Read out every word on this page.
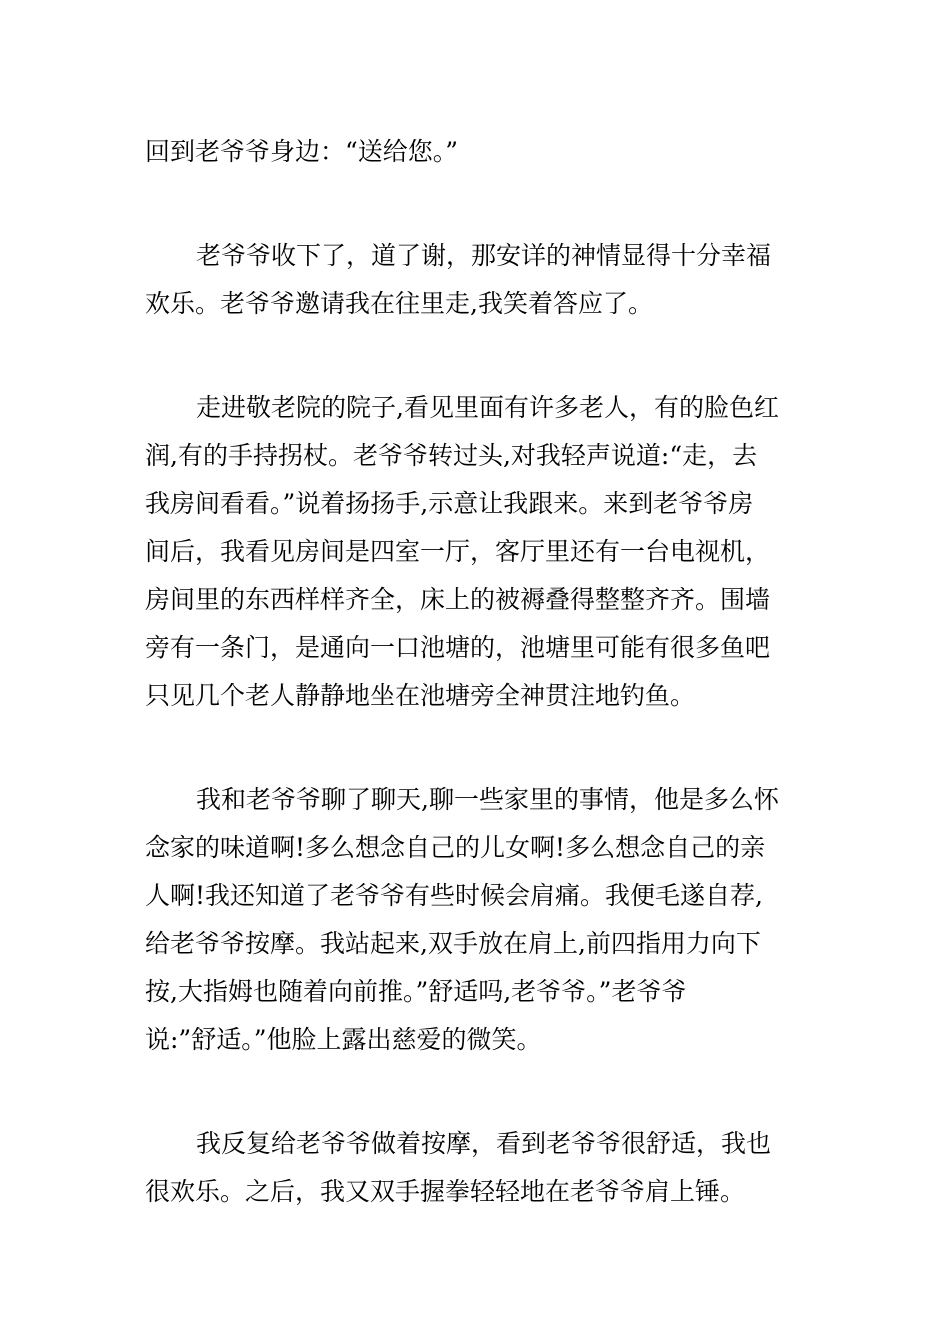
回到老爷爷身边：“送给您。”

老爷爷收下了，道了谢，那安详的神情显得十分幸福
欢乐。老爷爷邀请我在往里走,我笑着答应了。

走进敬老院的院子,看见里面有许多老人，有的脸色红
润,有的手持拐杖。老爷爷转过头,对我轻声说道:“走，去
我房间看看。”说着扬扬手,示意让我跟来。来到老爷爷房
间后，我看见房间是四室一厅，客厅里还有一台电视机，
房间里的东西样样齐全，床上的被褥叠得整整齐齐。围墙
旁有一条门，是通向一口池塘的，池塘里可能有很多鱼吧
只见几个老人静静地坐在池塘旁全神贯注地钓鱼。

我和老爷爷聊了聊天,聊一些家里的事情，他是多么怀
念家的味道啊!多么想念自己的儿女啊!多么想念自己的亲
人啊!我还知道了老爷爷有些时候会肩痛。我便毛遂自荐,
给老爷爷按摩。我站起来,双手放在肩上,前四指用力向下
按,大指姆也随着向前推。”舒适吗,老爷爷。”老爷爷
说:”舒适。”他脸上露出慈爱的微笑。

我反复给老爷爷做着按摩，看到老爷爷很舒适，我也
很欢乐。之后，我又双手握拳轻轻地在老爷爷肩上锤。
